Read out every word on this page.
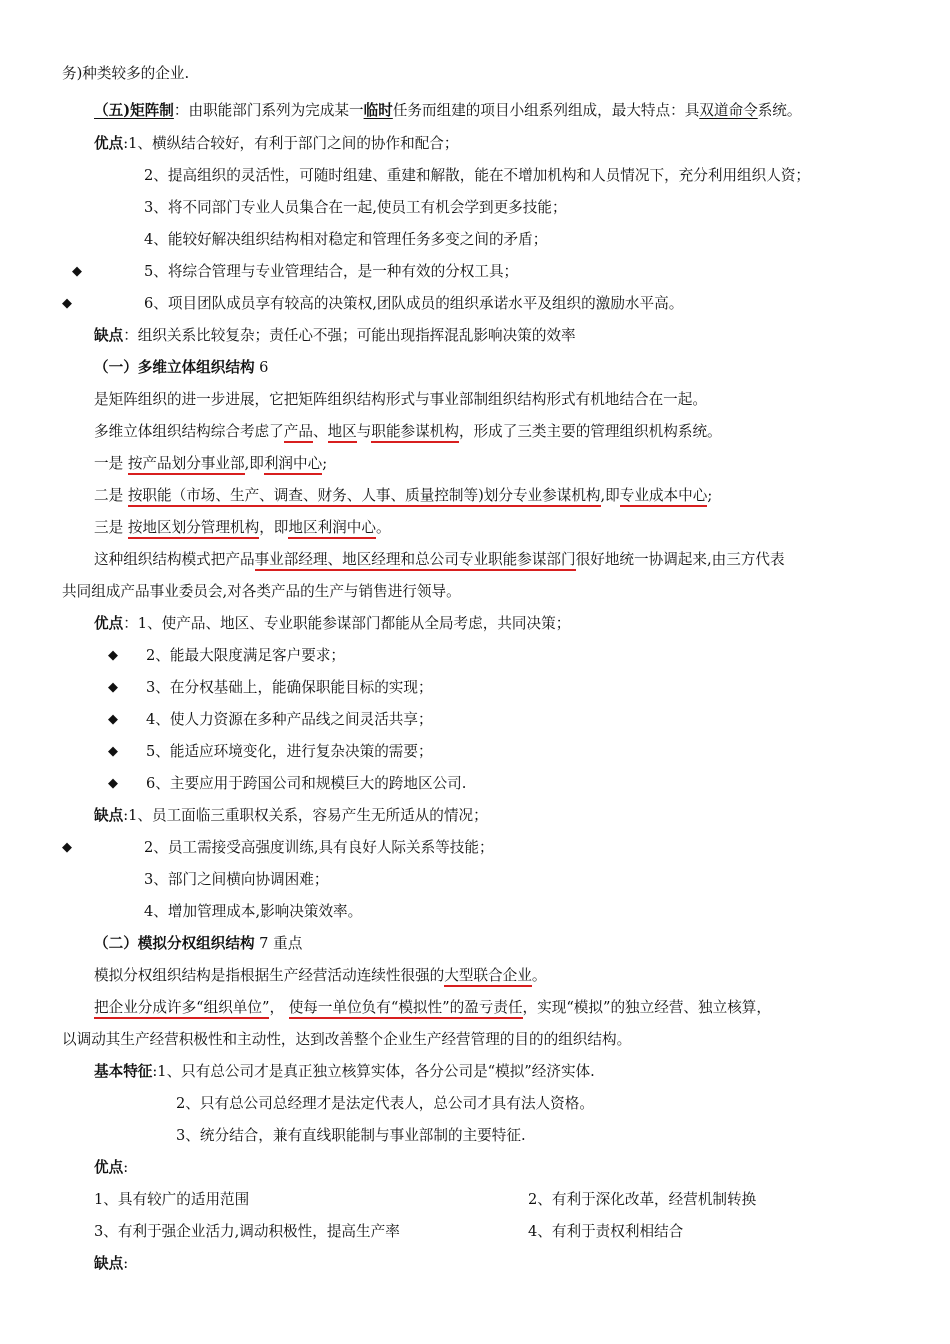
务)种类较多的企业.
（五)矩阵制：由职能部门系列为完成某一临时任务而组建的项目小组系列组成，最大特点：具双道命令系统。
优点:1、横纵结合较好，有利于部门之间的协作和配合；
2、提高组织的灵活性，可随时组建、重建和解散，能在不增加机构和人员情况下，充分利用组织人资；
3、将不同部门专业人员集合在一起,使员工有机会学到更多技能；
4、能较好解决组织结构相对稳定和管理任务多变之间的矛盾；
◆	5、将综合管理与专业管理结合，是一种有效的分权工具；
◆	6、项目团队成员享有较高的决策权,团队成员的组织承诺水平及组织的激励水平高。
缺点：组织关系比较复杂；责任心不强；可能出现指挥混乱影响决策的效率
（一）多维立体组织结构 6
是矩阵组织的进一步进展，它把矩阵组织结构形式与事业部制组织结构形式有机地结合在一起。
多维立体组织结构综合考虑了产品、地区与职能参谋机构，形成了三类主要的管理组织机构系统。
一是 按产品划分事业部,即利润中心;
二是 按职能（市场、生产、调查、财务、人事、质量控制等)划分专业参谋机构,即专业成本中心;
三是 按地区划分管理机构，即地区利润中心。
这种组织结构模式把产品事业部经理、地区经理和总公司专业职能参谋部门很好地统一协调起来,由三方代表
共同组成产品事业委员会,对各类产品的生产与销售进行领导。
优点：1、使产品、地区、专业职能参谋部门都能从全局考虑，共同决策；
◆ 2、能最大限度满足客户要求；
◆ 3、在分权基础上，能确保职能目标的实现；
◆ 4、使人力资源在多种产品线之间灵活共享；
◆ 5、能适应环境变化，进行复杂决策的需要；
◆ 6、主要应用于跨国公司和规模巨大的跨地区公司.
缺点:1、员工面临三重职权关系，容易产生无所适从的情况；
◆	2、员工需接受高强度训练,具有良好人际关系等技能；
3、部门之间横向协调困难；
4、增加管理成本,影响决策效率。
（二）模拟分权组织结构 7 重点
模拟分权组织结构是指根据生产经营活动连续性很强的大型联合企业。
把企业分成许多“组织单位”， 使每一单位负有“模拟性”的盈亏责任，实现“模拟”的独立经营、独立核算，
以调动其生产经营积极性和主动性，达到改善整个企业生产经营管理的目的的组织结构。
基本特征:1、只有总公司才是真正独立核算实体，各分公司是“模拟”经济实体.
2、只有总公司总经理才是法定代表人，总公司才具有法人资格。
3、统分结合，兼有直线职能制与事业部制的主要特征.
优点:
1、具有较广的适用范围	2、有利于深化改革，经营机制转换
3、有利于强企业活力,调动积极性，提高生产率	4、有利于责权利相结合
缺点:
